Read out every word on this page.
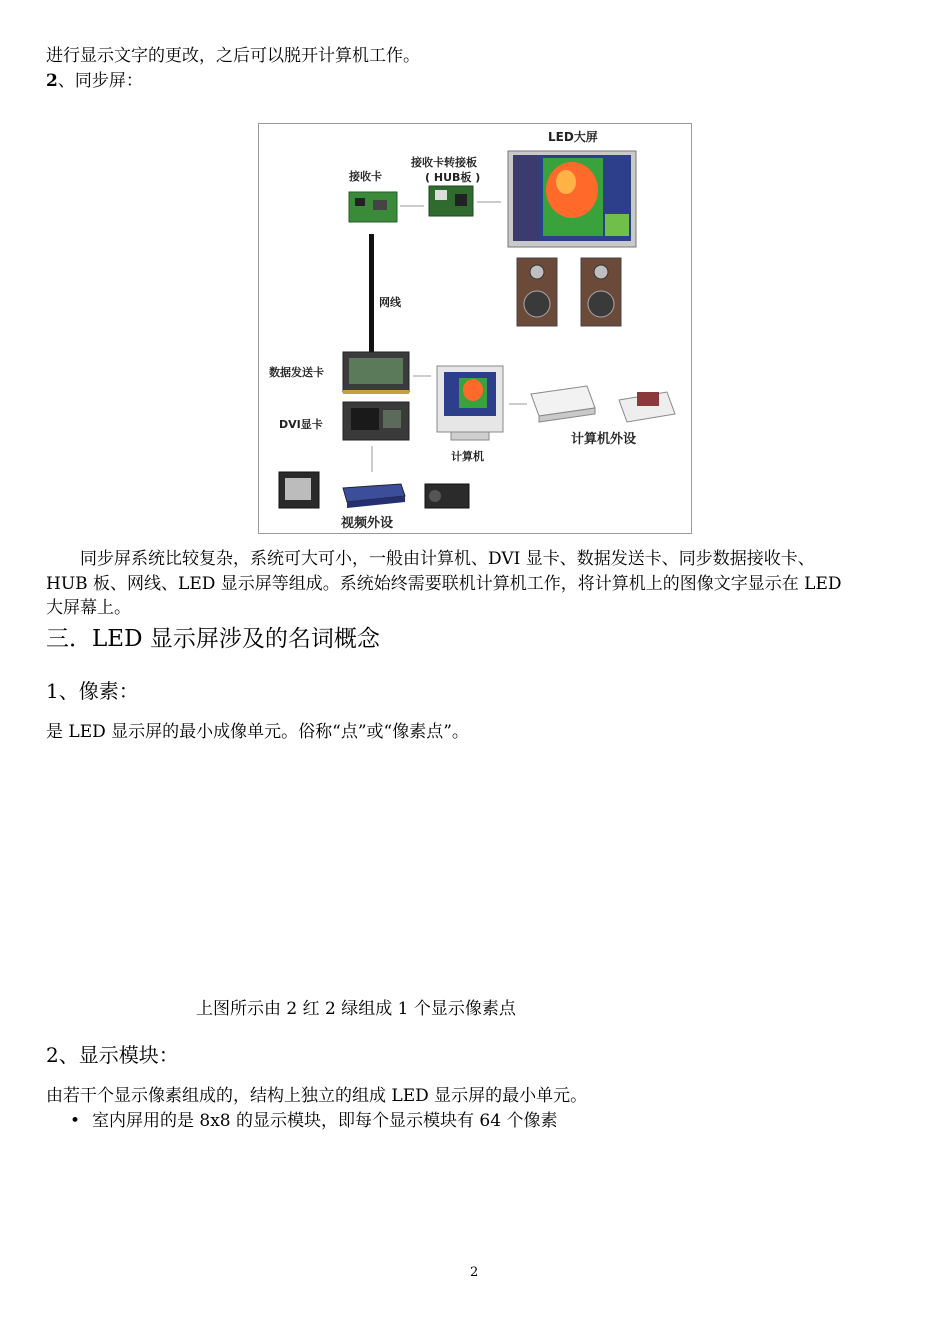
进行显示文字的更改，之后可以脱开计算机工作。
2、同步屏：
LED大屏
接收卡
接收卡转接板
( HUB板 )
网线
数据发送卡
DVI显卡
计算机
计算机外设
视频外设
同步屏系统比较复杂，系统可大可小，一般由计算机、DVI 显卡、数据发送卡、同步数据接收卡、
HUB 板、网线、LED 显示屏等组成。系统始终需要联机计算机工作，将计算机上的图像文字显示在 LED
大屏幕上。
三．LED 显示屏涉及的名词概念
1、像素：
是 LED 显示屏的最小成像单元。俗称“点”或“像素点”。
上图所示由 2 红 2 绿组成 1 个显示像素点
2、显示模块：
由若干个显示像素组成的，结构上独立的组成 LED 显示屏的最小单元。
• 室内屏用的是 8x8 的显示模块，即每个显示模块有 64 个像素
2
